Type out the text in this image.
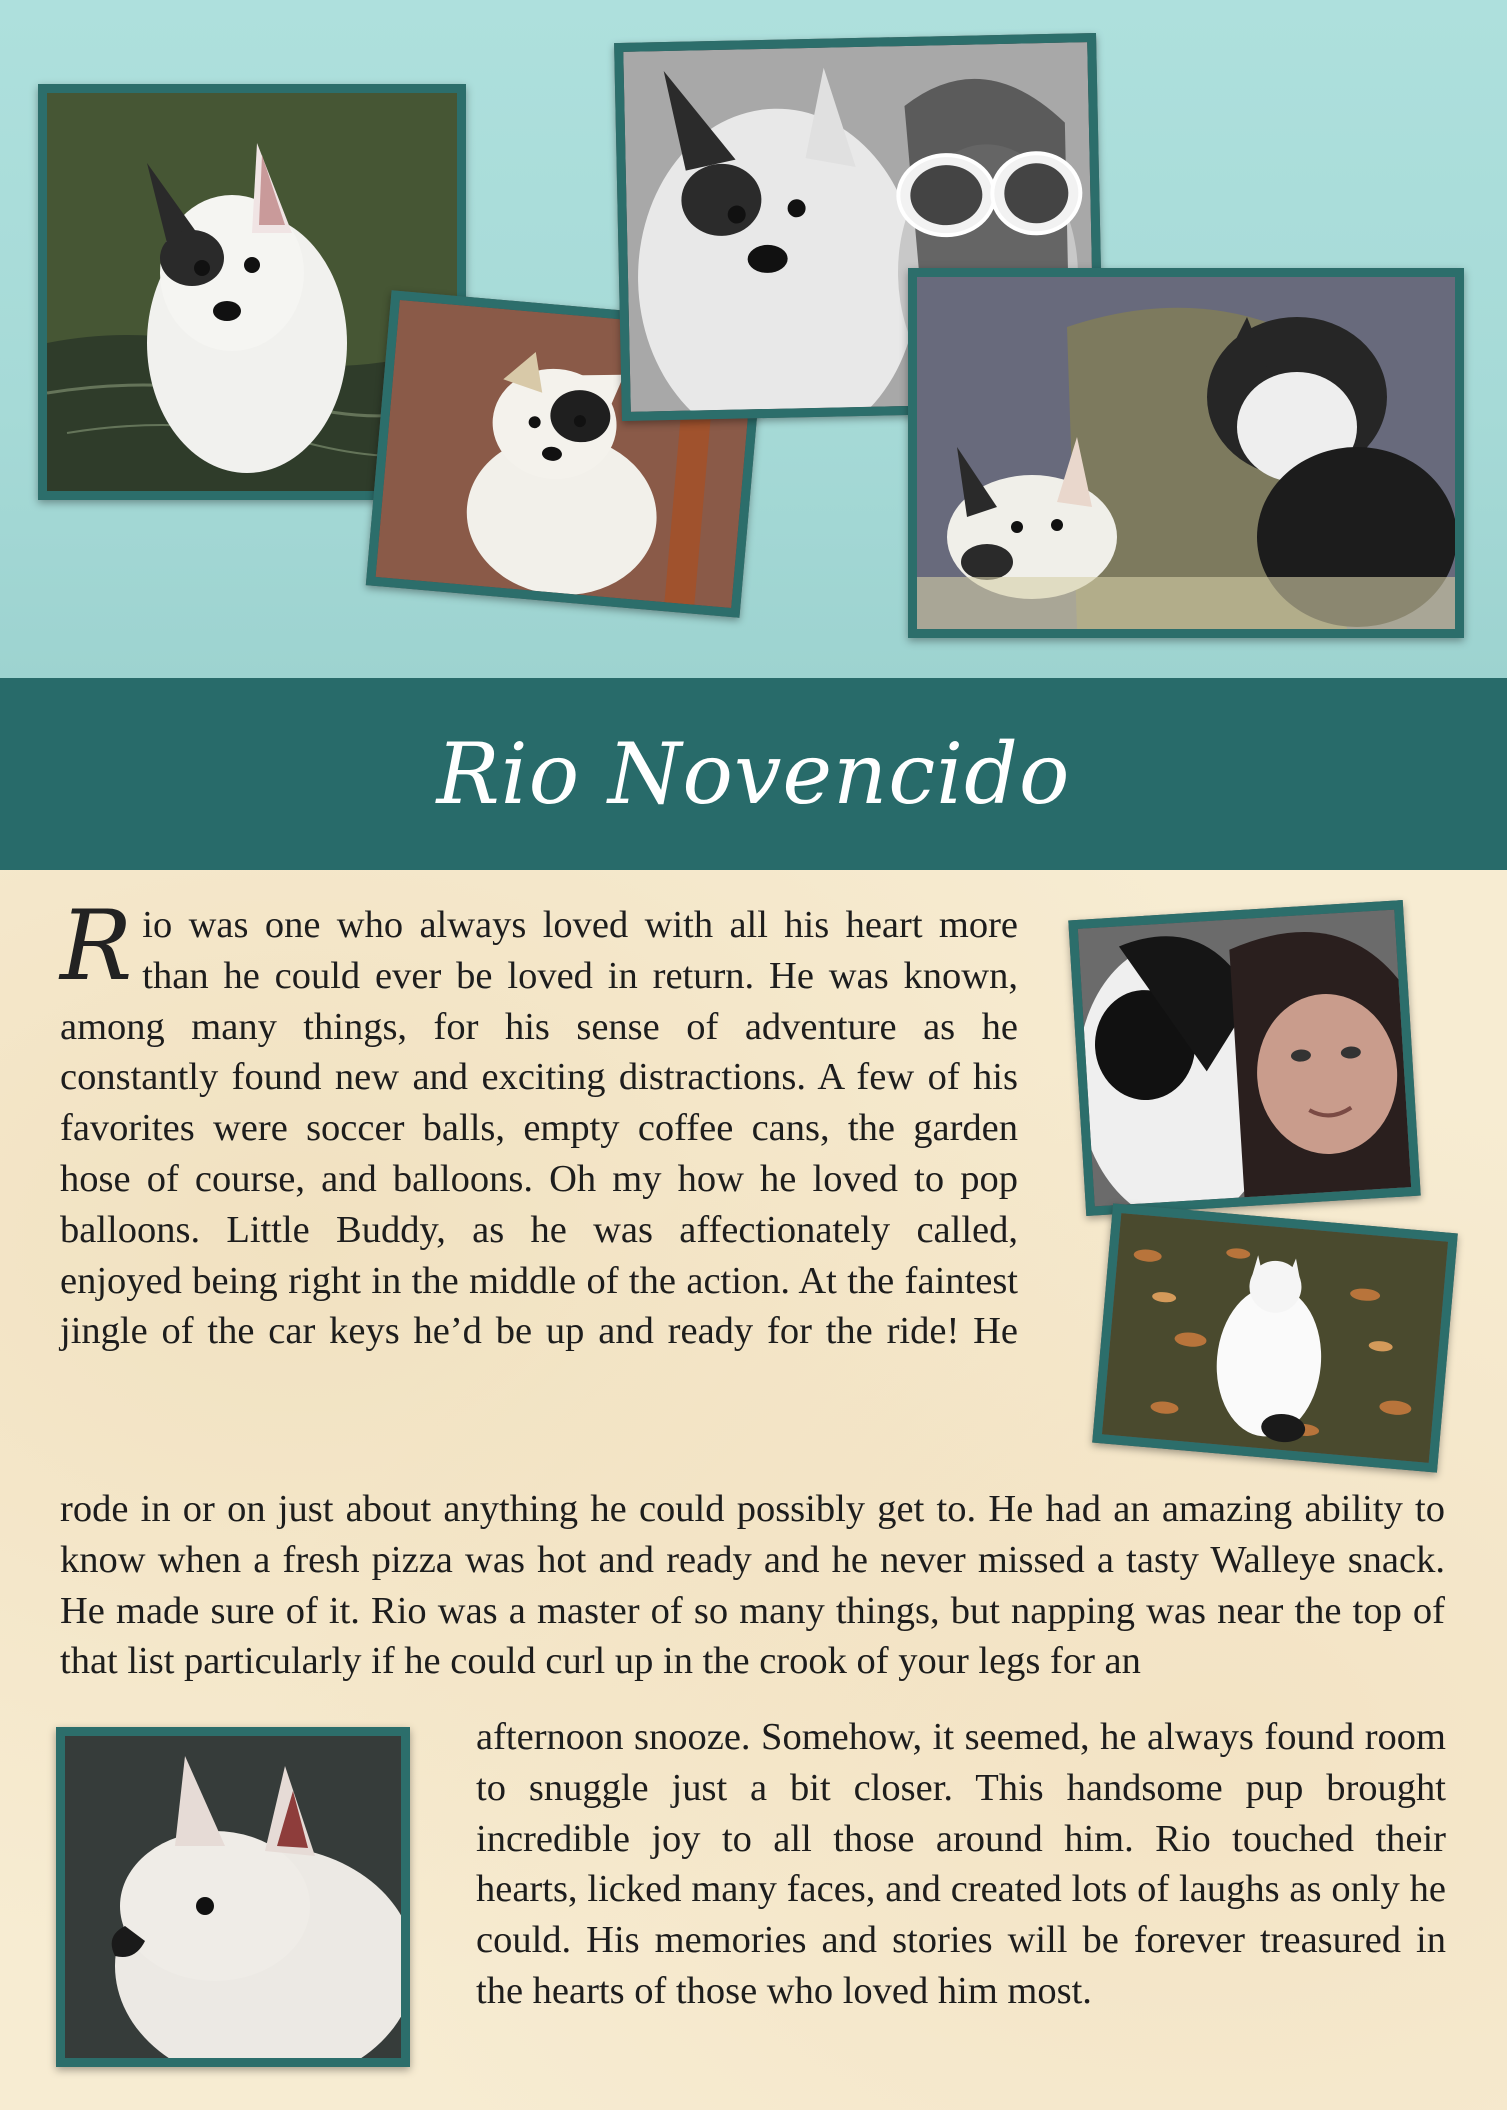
Rio Novencido

Rio was one who always loved with all his heart more than he could ever be loved in return. He was known, among many things, for his sense of adventure as he constantly found new and exciting distractions. A few of his favorites were soccer balls, empty coffee cans, the garden hose of course, and balloons. Oh my how he loved to pop balloons. Little Buddy, as he was affectionately called, enjoyed being right in the middle of the action. At the faintest jingle of the car keys he’d be up and ready for the ride! He

rode in or on just about anything he could possibly get to. He had an amazing ability to know when a fresh pizza was hot and ready and he never missed a tasty Walleye snack. He made sure of it. Rio was a master of so many things, but napping was near the top of that list particularly if he could curl up in the crook of your legs for an

afternoon snooze. Somehow, it seemed, he always found room to snuggle just a bit closer. This handsome pup brought incredible joy to all those around him. Rio touched their hearts, licked many faces, and created lots of laughs as only he could. His memories and stories will be forever treasured in the hearts of those who loved him most.
